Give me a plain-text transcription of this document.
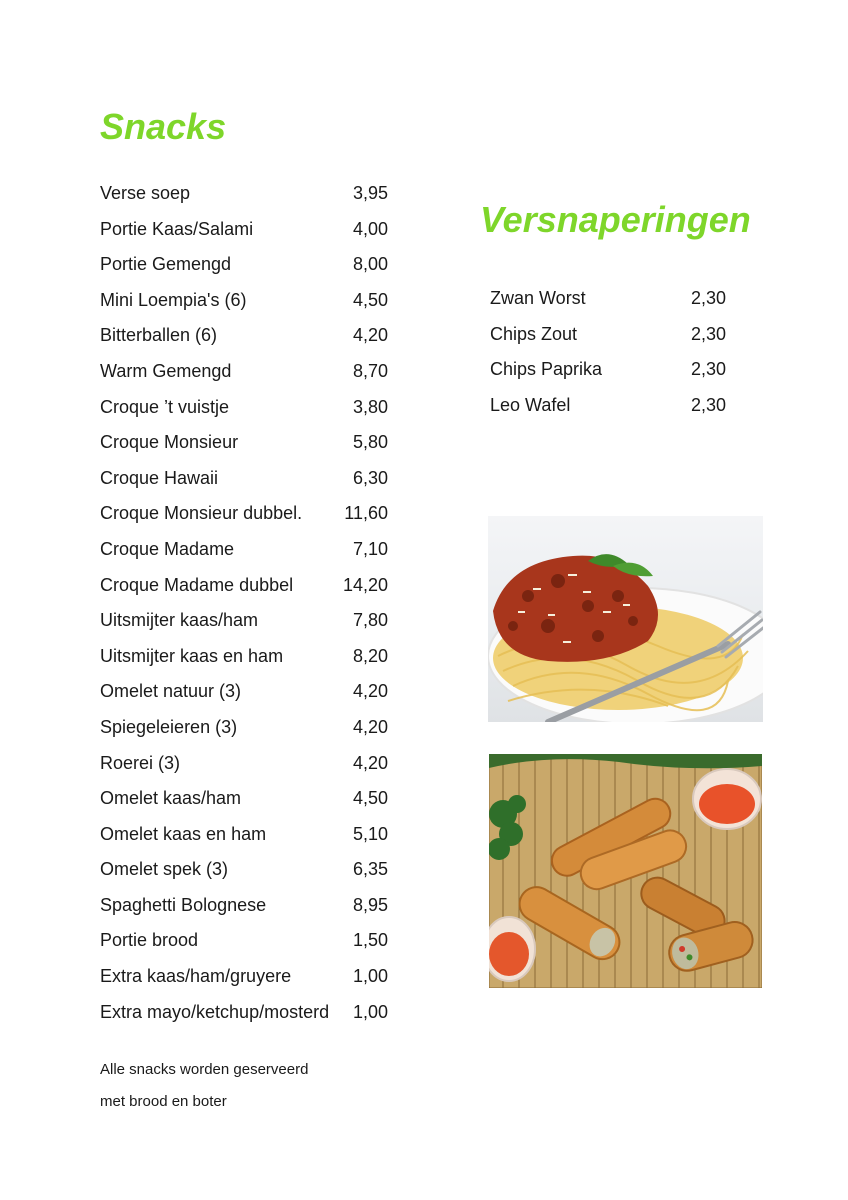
Snacks
Versnaperingen
Verse soep	3,95
Portie Kaas/Salami	4,00
Portie Gemengd	8,00
Mini Loempia's (6)	4,50
Bitterballen (6)	4,20
Warm Gemengd	8,70
Croque ’t vuistje	3,80
Croque Monsieur	5,80
Croque Hawaii	6,30
Croque Monsieur dubbel. 11,60
Croque Madame	7,10
Croque Madame dubbel	14,20
Uitsmijter kaas/ham	7,80
Uitsmijter kaas en ham	8,20
Omelet natuur (3)	4,20
Spiegeleieren (3)	4,20
Roerei (3)	4,20
Omelet kaas/ham	4,50
Omelet kaas en ham	5,10
Omelet spek (3)	6,35
Spaghetti Bolognese	8,95
Portie brood	1,50
Extra kaas/ham/gruyere	1,00
Extra mayo/ketchup/mosterd 1,00
Zwan Worst	2,30
Chips Zout	2,30
Chips Paprika	2,30
Leo Wafel	2,30

Alle snacks worden geserveerd

met brood en boter
